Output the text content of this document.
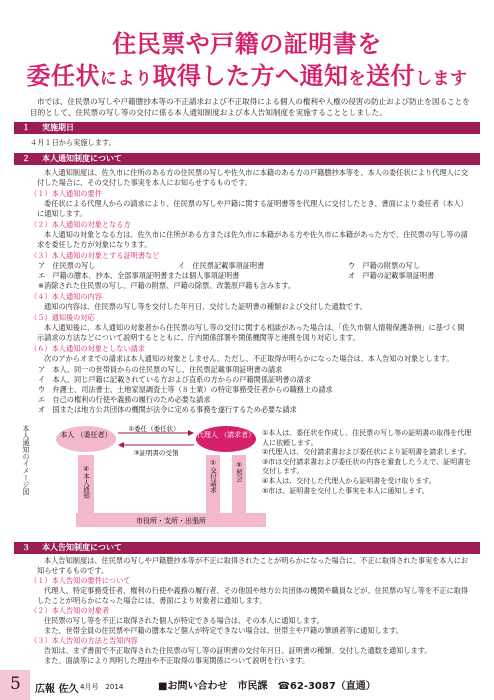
住民票や戸籍の証明書を
委任状により取得した方へ通知を送付します
市では、住民票の写しや戸籍謄抄本等の不正請求および不正取得による個人の権利や人権の侵害の防止および防止を図ることを目的として、住民票の写し等の交付に係る本人通知制度および本人告知制度を実施することとしました。
１ 実施期日
４月１日から実施します。
２ 本人通知制度について
本人通知制度は、佐久市に住所のある方の住民票の写しや佐久市に本籍のある方の戸籍謄抄本等を、本人の委任状により代理人に交付した場合に、その交付した事実を本人にお知らせするものです。
（１）本人通知の要件
委任状による代理人からの請求により、住民票の写しや戸籍に関する証明書等を代理人に交付したとき、書面により委任者（本人）に通知します。
（２）本人通知の対象となる方
本人通知の対象となる方は、佐久市に住所がある方または佐久市に本籍がある方や佐久市に本籍があった方で、住民票の写し等の請求を委任した方が対象になります。
（３）本人通知の対象とする証明書など
ア　住民票の写し	イ　住民票記載事項証明書	ウ　戸籍の附票の写し
エ　戸籍の謄本、抄本、全部事項証明書または個人事項証明書	オ　戸籍の記載事項証明書
※消除された住民票の写し、戸籍の附票、戸籍の除票、改製原戸籍も含みます。
（４）本人通知の内容
通知の内容は、住民票の写し等を交付した年月日、交付した証明書の種類および交付した通数です。
（５）通知後の対応
本人通知後に、本人通知の対象者から住民票の写し等の交付に関する相談があった場合は、「佐久市個人情報保護条例」に基づく開示請求の方法などについて説明するとともに、庁内関係部署や関係機関等と連携を図り対応します。
（６）本人通知の対象としない請求
次のアからオまでの請求は本人通知の対象としません。ただし、不正取得が明らかになった場合は、本人告知の対象とします。
ア　本人、同一の世帯員からの住民票の写し、住民票記載事項証明書の請求
イ　本人、同じ戸籍に記載されている方および直系の方からの戸籍関係証明書の請求
ウ　弁護士、司法書士、土地家屋調査士等（８士業）の特定事務受任者からの職務上の請求
エ　自己の権利の行使や義務の履行のため必要な請求
オ　国または地方公共団体の機関が法令に定める事務を遂行するため必要な請求
本人通知のイメージ図	本人 （委任者）	代理人 （請求者）
①委任（委任状）
③証明書の受領
④本人通知	②交付請求	⑤照会
市役所・支所・出張所
①本人は、委任状を作成し、住民票の写し等の証明書の取得を代理人に依頼します。
②代理人は、交付請求書および委任状により証明書を請求します。
③市は交付請求書および委任状の内容を審査したうえで、証明書を交付します。
④本人は、交付した代理人から証明書を受け取ります。
⑤市は、証明書を交付した事実を本人に通知します。
３ 本人告知制度について
本人告知制度は、住民票の写しや戸籍謄抄本等が不正に取得されたことが明らかになった場合に、不正に取得された事実を本人にお知らせするものです。
（１）本人告知の要件について
代理人、特定事務受任者、権利の行使や義務の履行者、その他国や地方公共団体の機関や職員などが、住民票の写し等を不正に取得したことが明らかになった場合には、書面により対象者に通知します。
（２）本人告知の対象者
住民票の写し等を不正に取得された個人が特定できる場合は、その本人に通知します。
また、世帯全員の住民票や戸籍の謄本など個人が特定できない場合は、世帯主や戸籍の筆頭者等に通知します。
（３）本人告知の方法と告知内容
告知は、まず書面で不正取得された住民票の写し等の証明書の交付年月日、証明書の種類、交付した通数を通知します。
また、面談等により判明した理由や不正取得の事実関係について説明を行います。
5 広報 佐久 4月号　2014	■お問い合わせ　市民課　☎62-3087（直通）
